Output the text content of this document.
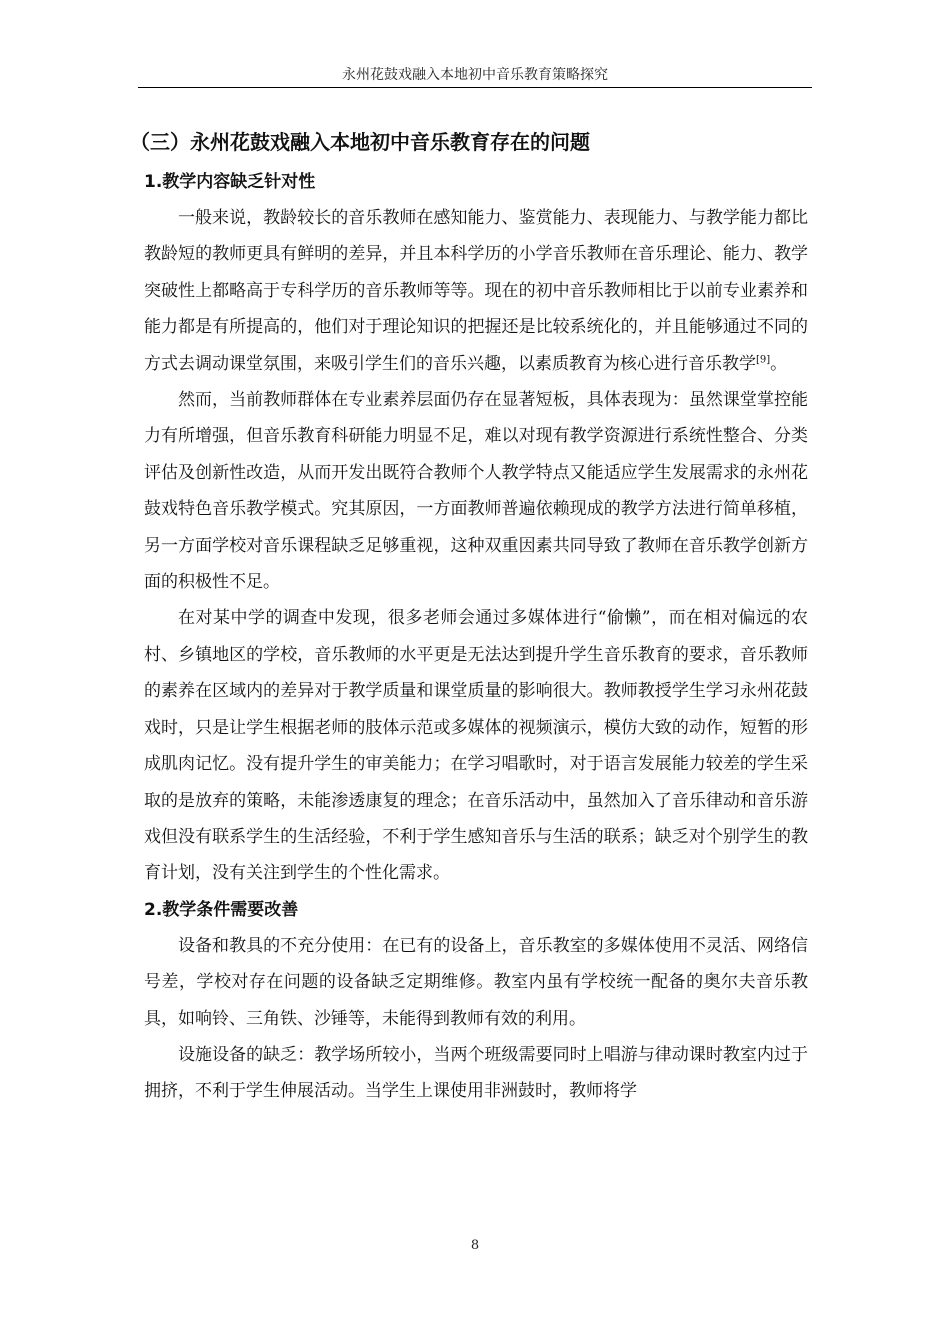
永州花鼓戏融入本地初中音乐教育策略探究
（三）永州花鼓戏融入本地初中音乐教育存在的问题
1.教学内容缺乏针对性

一般来说，教龄较长的音乐教师在感知能力、鉴赏能力、表现能力、与教学能力都比教龄短的教师更具有鲜明的差异，并且本科学历的小学音乐教师在音乐理论、能力、教学突破性上都略高于专科学历的音乐教师等等。现在的初中音乐教师相比于以前专业素养和能力都是有所提高的，他们对于理论知识的把握还是比较系统化的，并且能够通过不同的方式去调动课堂氛围，来吸引学生们的音乐兴趣，以素质教育为核心进行音乐教学[9]。

然而，当前教师群体在专业素养层面仍存在显著短板，具体表现为：虽然课堂掌控能力有所增强，但音乐教育科研能力明显不足，难以对现有教学资源进行系统性整合、分类评估及创新性改造，从而开发出既符合教师个人教学特点又能适应学生发展需求的永州花鼓戏特色音乐教学模式。究其原因，一方面教师普遍依赖现成的教学方法进行简单移植，另一方面学校对音乐课程缺乏足够重视，这种双重因素共同导致了教师在音乐教学创新方面的积极性不足。

在对某中学的调查中发现，很多老师会通过多媒体进行“偷懒”，而在相对偏远的农村、乡镇地区的学校，音乐教师的水平更是无法达到提升学生音乐教育的要求，音乐教师的素养在区域内的差异对于教学质量和课堂质量的影响很大。教师教授学生学习永州花鼓戏时，只是让学生根据老师的肢体示范或多媒体的视频演示，模仿大致的动作，短暂的形成肌肉记忆。没有提升学生的审美能力；在学习唱歌时，对于语言发展能力较差的学生采取的是放弃的策略，未能渗透康复的理念；在音乐活动中，虽然加入了音乐律动和音乐游戏但没有联系学生的生活经验，不利于学生感知音乐与生活的联系；缺乏对个别学生的教育计划，没有关注到学生的个性化需求。

2.教学条件需要改善

设备和教具的不充分使用：在已有的设备上，音乐教室的多媒体使用不灵活、网络信号差，学校对存在问题的设备缺乏定期维修。教室内虽有学校统一配备的奥尔夫音乐教具，如响铃、三角铁、沙锤等，未能得到教师有效的利用。

设施设备的缺乏：教学场所较小，当两个班级需要同时上唱游与律动课时教室内过于拥挤，不利于学生伸展活动。当学生上课使用非洲鼓时，教师将学

8
